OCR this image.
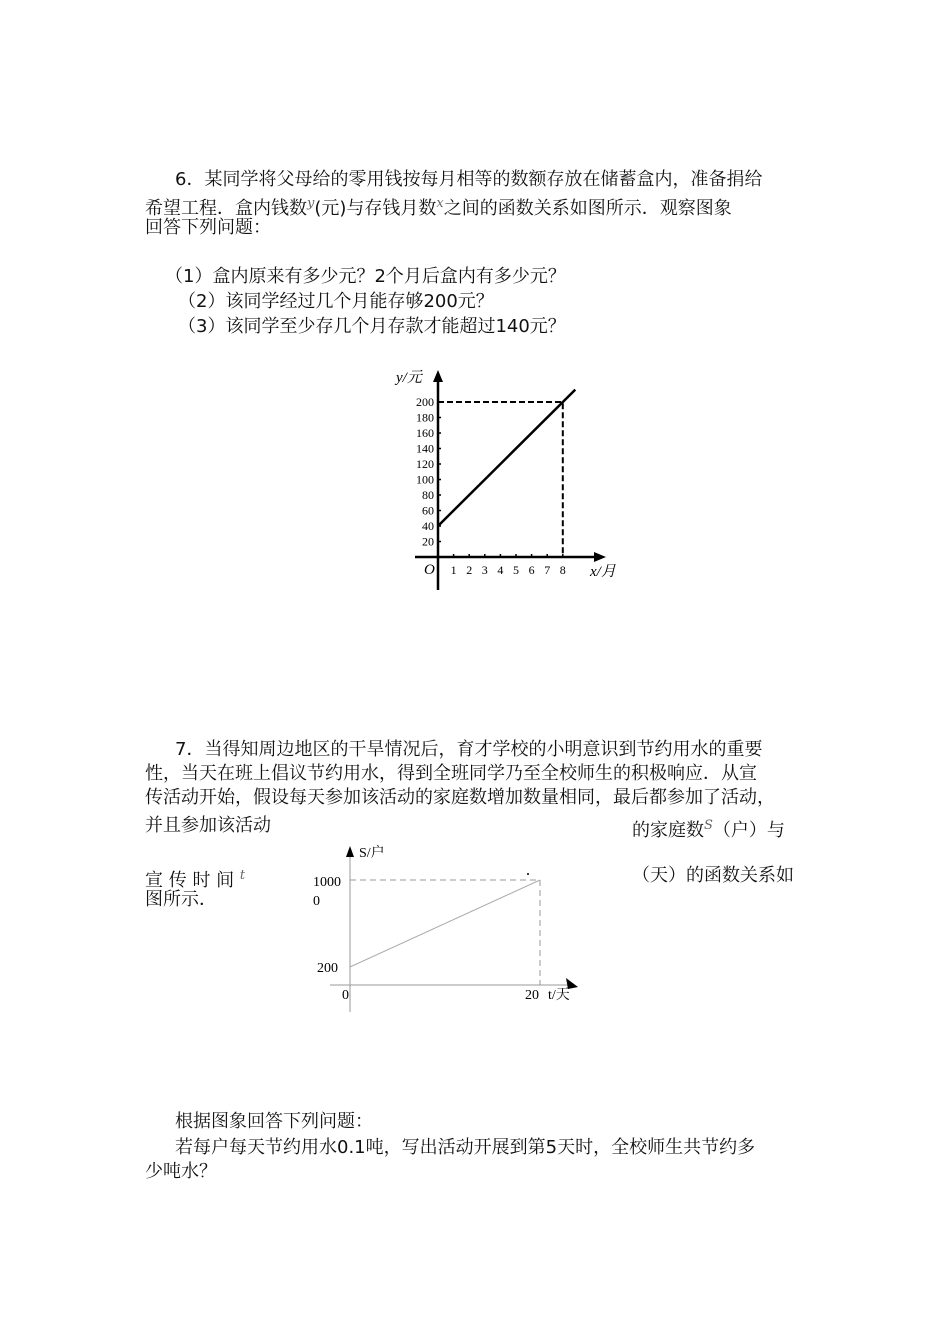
6．某同学将父母给的零用钱按每月相等的数额存放在储蓄盒内，准备捐给
希望工程．盒内钱数$^y$(元)与存钱月数$^x$之间的函数关系如图所示．观察图象
回答下列问题：
（1）盒内原来有多少元？2个月后盒内有多少元？
（2）该同学经过几个月能存够200元？
（3）该同学至少存几个月存款才能超过140元？
7．当得知周边地区的干旱情况后，育才学校的小明意识到节约用水的重要
性，当天在班上倡议节约用水，得到全班同学乃至全校师生的积极响应．从宣
传活动开始，假设每天参加该活动的家庭数增加数量相同，最后都参加了活动，
并且参加该活动	的家庭数$^S$（户）与
宣 传 时 间 $^t$	（天）的函数关系如
图所示．
根据图象回答下列问题：
若每户每天节约用水0.1吨，写出活动开展到第5天时，全校师生共节约多
少吨水？
1 2 3 4 5 6 7 8
20
40
60
80
100
120
140
160
180
200
O
y/元
x/月
S/户
t/天
0	20
1000
0
200
